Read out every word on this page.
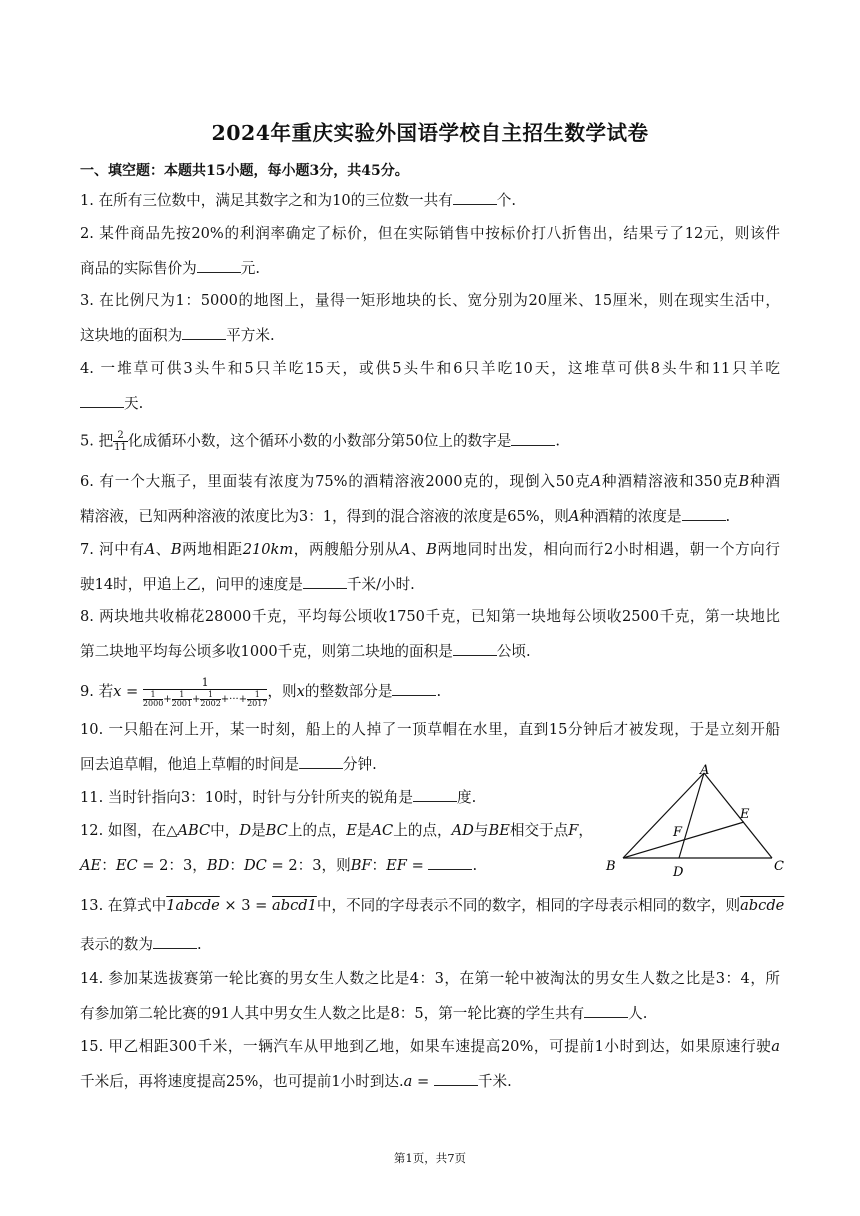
2024年重庆实验外国语学校自主招生数学试卷
一、填空题：本题共15小题，每小题3分，共45分。
1. 在所有三位数中，满足其数字之和为10的三位数一共有	个.
2. 某件商品先按20%的利润率确定了标价，但在实际销售中按标价打八折售出，结果亏了12元，则该件
商品的实际售价为	元.
3. 在比例尺为1：5000的地图上，量得一矩形地块的长、宽分别为20厘米、15厘米，则在现实生活中，
这块地的面积为	平方米.
4. 一堆草可供3头牛和5只羊吃15天，或供5头牛和6只羊吃10天，这堆草可供8头牛和11只羊吃
天.
5. 把 $\frac{2}{11}$ 化成循环小数，这个循环小数的小数部分第50位上的数字是	.
6. 有一个大瓶子，里面装有浓度为75%的酒精溶液2000克的，现倒入50克A种酒精溶液和350克B种酒
精溶液，已知两种溶液的浓度比为3：1，得到的混合溶液的浓度是65%，则A种酒精的浓度是	.
7. 河中有A、B两地相距210km，两艘船分别从A、B两地同时出发，相向而行2小时相遇，朝一个方向行
驶14时，甲追上乙，问甲的速度是	千米/小时.
8. 两块地共收棉花28000千克，平均每公顷收1750千克，已知第一块地每公顷收2500千克，第一块地比
第二块地平均每公顷多收1000千克，则第二块地的面积是	公顷.
9. 若$x = \frac{1}{\frac{1}{2000} + \frac{1}{2001} + \frac{1}{2002} +\cdot\cdot\cdot+ \frac{1}{2017}}$ ，则x的整数部分是	.
10. 一只船在河上开，某一时刻，船上的人掉了一顶草帽在水里，直到15分钟后才被发现，于是立刻开船
回去追草帽，他追上草帽的时间是	分钟.
11. 当时针指向3：10时，时针与分针所夹的锐角是	度.
12. 如图，在△ABC中，D是BC上的点，E是AC上的点，AD与BE相交于点F，
AE：EC = 2：3，BD：DC = 2：3，则BF：EF =	.
A
B	C
D
E
F
13. 在算式中1abcde × 3 = abcd1中，不同的字母表示不同的数字，相同的字母表示相同的数字，则abcde
表示的数为	.
14. 参加某选拔赛第一轮比赛的男女生人数之比是4：3，在第一轮中被淘汰的男女生人数之比是3：4，所
有参加第二轮比赛的91人其中男女生人数之比是8：5，第一轮比赛的学生共有	人.
15. 甲乙相距300千米，一辆汽车从甲地到乙地，如果车速提高20%，可提前1小时到达，如果原速行驶a
千米后，再将速度提高25%，也可提前1小时到达.a =	千米.
第1页，共7页
